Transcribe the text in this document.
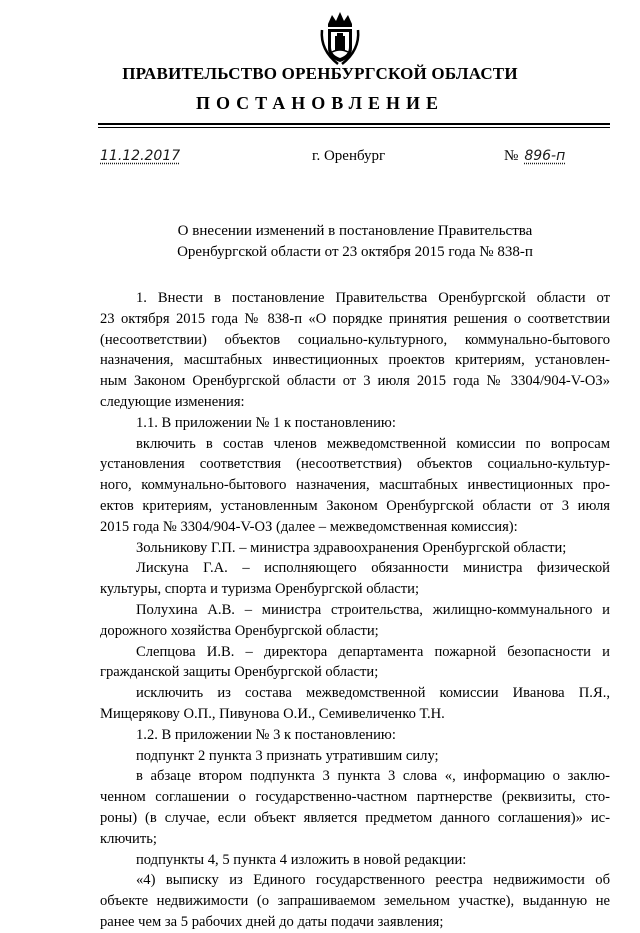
ПРАВИТЕЛЬСТВО ОРЕНБУРГСКОЙ ОБЛАСТИ
ПОСТАНОВЛЕНИЕ
11.12.2017	г. Оренбург	№ 896-п
О внесении изменений в постановление Правительства
Оренбургской области от 23 октября 2015 года № 838-п
1. Внести в постановление Правительства Оренбургской области от
23 октября 2015 года № 838-п «О порядке принятия решения о соответствии
(несоответствии) объектов социально-культурного, коммунально-бытового
назначения, масштабных инвестиционных проектов критериям, установлен-
ным Законом Оренбургской области от 3 июля 2015 года № 3304/904-V-ОЗ»
следующие изменения:
1.1. В приложении № 1 к постановлению:
включить в состав членов межведомственной комиссии по вопросам
установления соответствия (несоответствия) объектов социально-культур-
ного, коммунально-бытового назначения, масштабных инвестиционных про-
ектов критериям, установленным Законом Оренбургской области от 3 июля
2015 года № 3304/904-V-ОЗ (далее – межведомственная комиссия):
Зольникову Г.П. – министра здравоохранения Оренбургской области;
Лискуна Г.А. – исполняющего обязанности министра физической
культуры, спорта и туризма Оренбургской области;
Полухина А.В. – министра строительства, жилищно-коммунального и
дорожного хозяйства Оренбургской области;
Слепцова И.В. – директора департамента пожарной безопасности и
гражданской защиты Оренбургской области;
исключить из состава межведомственной комиссии Иванова П.Я.,
Мищерякову О.П., Пивунова О.И., Семивеличенко Т.Н.
1.2. В приложении № 3 к постановлению:
подпункт 2 пункта 3 признать утратившим силу;
в абзаце втором подпункта 3 пункта 3 слова «, информацию о заклю-
ченном соглашении о государственно-частном партнерстве (реквизиты, сто-
роны) (в случае, если объект является предметом данного соглашения)» ис-
ключить;
подпункты 4, 5 пункта 4 изложить в новой редакции:
«4) выписку из Единого государственного реестра недвижимости об
объекте недвижимости (о запрашиваемом земельном участке), выданную не
ранее чем за 5 рабочих дней до даты подачи заявления;
